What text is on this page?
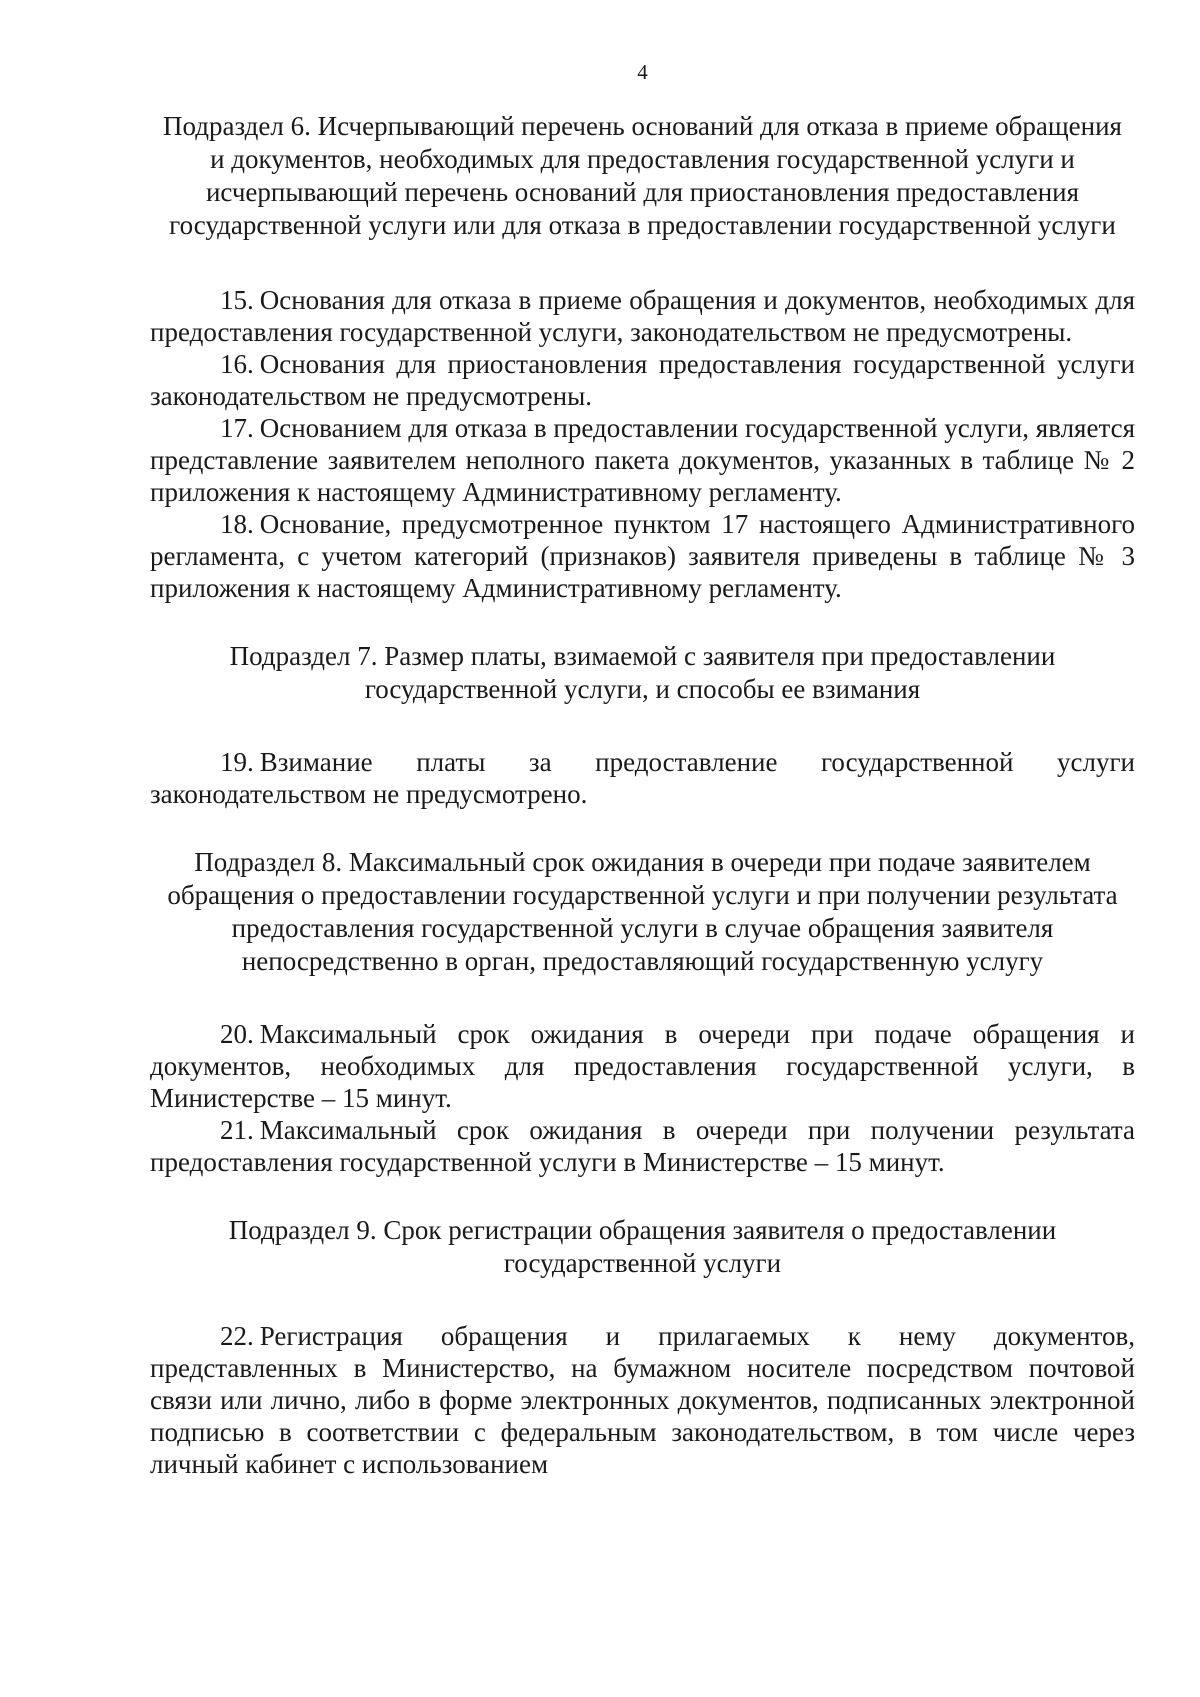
4
Подраздел 6. Исчерпывающий перечень оснований для отказа в приеме обращения и документов, необходимых для предоставления государственной услуги и исчерпывающий перечень оснований для приостановления предоставления государственной услуги или для отказа в предоставлении государственной услуги

15. Основания для отказа в приеме обращения и документов, необходимых для предоставления государственной услуги, законодательством не предусмотрены.

16. Основания для приостановления предоставления государственной услуги законодательством не предусмотрены.

17. Основанием для отказа в предоставлении государственной услуги, является представление заявителем неполного пакета документов, указанных в таблице № 2 приложения к настоящему Административному регламенту.

18. Основание, предусмотренное пунктом 17 настоящего Административного регламента, с учетом категорий (признаков) заявителя приведены в таблице № 3 приложения к настоящему Административному регламенту.

Подраздел 7. Размер платы, взимаемой с заявителя при предоставлении государственной услуги, и способы ее взимания

19. Взимание платы за предоставление государственной услуги законодательством не предусмотрено.

Подраздел 8. Максимальный срок ожидания в очереди при подаче заявителем обращения о предоставлении государственной услуги и при получении результата предоставления государственной услуги в случае обращения заявителя непосредственно в орган, предоставляющий государственную услугу

20. Максимальный срок ожидания в очереди при подаче обращения и документов, необходимых для предоставления государственной услуги, в Министерстве – 15 минут.

21. Максимальный срок ожидания в очереди при получении результата предоставления государственной услуги в Министерстве – 15 минут.

Подраздел 9. Срок регистрации обращения заявителя о предоставлении государственной услуги

22. Регистрация обращения и прилагаемых к нему документов, представленных в Министерство, на бумажном носителе посредством почтовой связи или лично, либо в форме электронных документов, подписанных электронной подписью в соответствии с федеральным законодательством, в том числе через личный кабинет с использованием
